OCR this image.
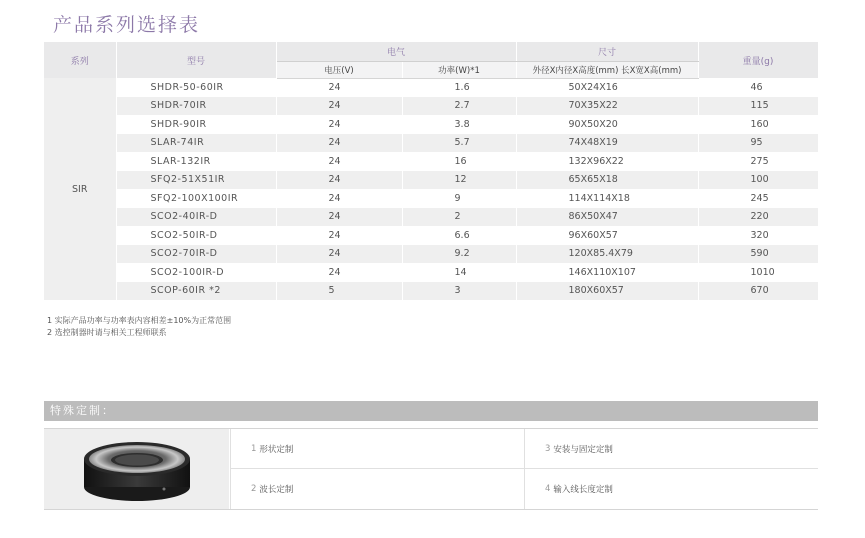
产品系列选择表
系列	型号	电气		尺寸	重量(g)
		电压(V)	功率(W)*1	外径X内径X高度(mm) 长X宽X高(mm)	
SIR	SHDR-50-60IR	24	1.6	50X24X16	46
	SHDR-70IR	24	2.7	70X35X22	115
	SHDR-90IR	24	3.8	90X50X20	160
	SLAR-74IR	24	5.7	74X48X19	95
	SLAR-132IR	24	16	132X96X22	275
	SFQ2-51X51IR	24	12	65X65X18	100
	SFQ2-100X100IR	24	9	114X114X18	245
	SCO2-40IR-D	24	2	86X50X47	220
	SCO2-50IR-D	24	6.6	96X60X57	320
	SCO2-70IR-D	24	9.2	120X85.4X79	590
	SCO2-100IR-D	24	14	146X110X107	1010
	SCOP-60IR *2	5	3	180X60X57	670
1 实际产品功率与功率表内容相差±10%为正常范围
2 选控制器时请与相关工程师联系
特殊定制：
1 形状定制	3 安装与固定定制
2 波长定制	4 输入线长度定制
